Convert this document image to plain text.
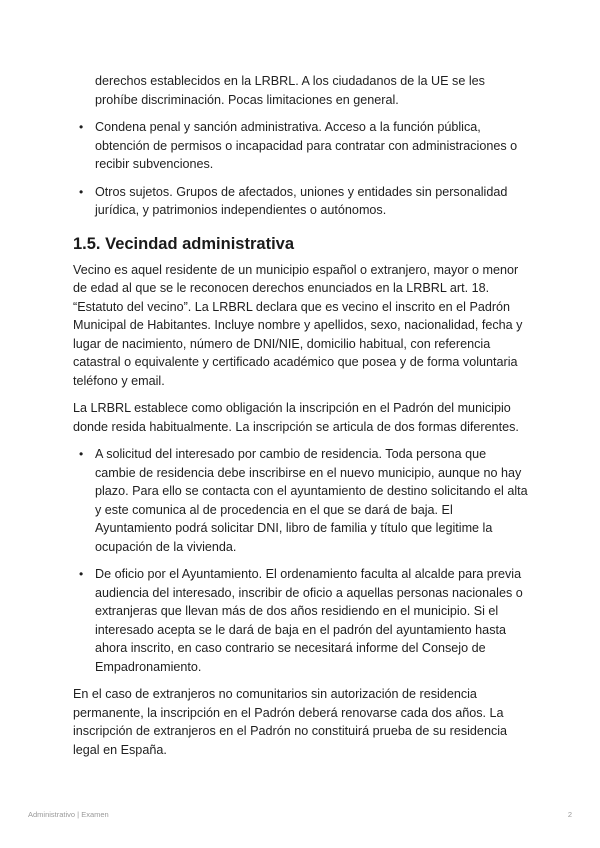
derechos establecidos en la LRBRL. A los ciudadanos de la UE se les prohíbe discriminación. Pocas limitaciones en general.

• Condena penal y sanción administrativa. Acceso a la función pública, obtención de permisos o incapacidad para contratar con administraciones o recibir subvenciones.
• Otros sujetos. Grupos de afectados, uniones y entidades sin personalidad jurídica, y patrimonios independientes o autónomos.
1.5. Vecindad administrativa

Vecino es aquel residente de un municipio español o extranjero, mayor o menor de edad al que se le reconocen derechos enunciados en la LRBRL art. 18. “Estatuto del vecino”. La LRBRL declara que es vecino el inscrito en el Padrón Municipal de Habitantes. Incluye nombre y apellidos, sexo, nacionalidad, fecha y lugar de nacimiento, número de DNI/NIE, domicilio habitual, con referencia catastral o equivalente y certificado académico que posea y de forma voluntaria teléfono y email.

La LRBRL establece como obligación la inscripción en el Padrón del municipio donde resida habitualmente. La inscripción se articula de dos formas diferentes.

• A solicitud del interesado por cambio de residencia. Toda persona que cambie de residencia debe inscribirse en el nuevo municipio, aunque no hay plazo. Para ello se contacta con el ayuntamiento de destino solicitando el alta y este comunica al de procedencia en el que se dará de baja. El Ayuntamiento podrá solicitar DNI, libro de familia y título que legitime la ocupación de la vivienda.
• De oficio por el Ayuntamiento. El ordenamiento faculta al alcalde para previa audiencia del interesado, inscribir de oficio a aquellas personas nacionales o extranjeras que llevan más de dos años residiendo en el municipio. Si el interesado acepta se le dará de baja en el padrón del ayuntamiento hasta ahora inscrito, en caso contrario se necesitará informe del Consejo de Empadronamiento.

En el caso de extranjeros no comunitarios sin autorización de residencia permanente, la inscripción en el Padrón deberá renovarse cada dos años. La inscripción de extranjeros en el Padrón no constituirá prueba de su residencia legal en España.

Administrativo | Examen	2
